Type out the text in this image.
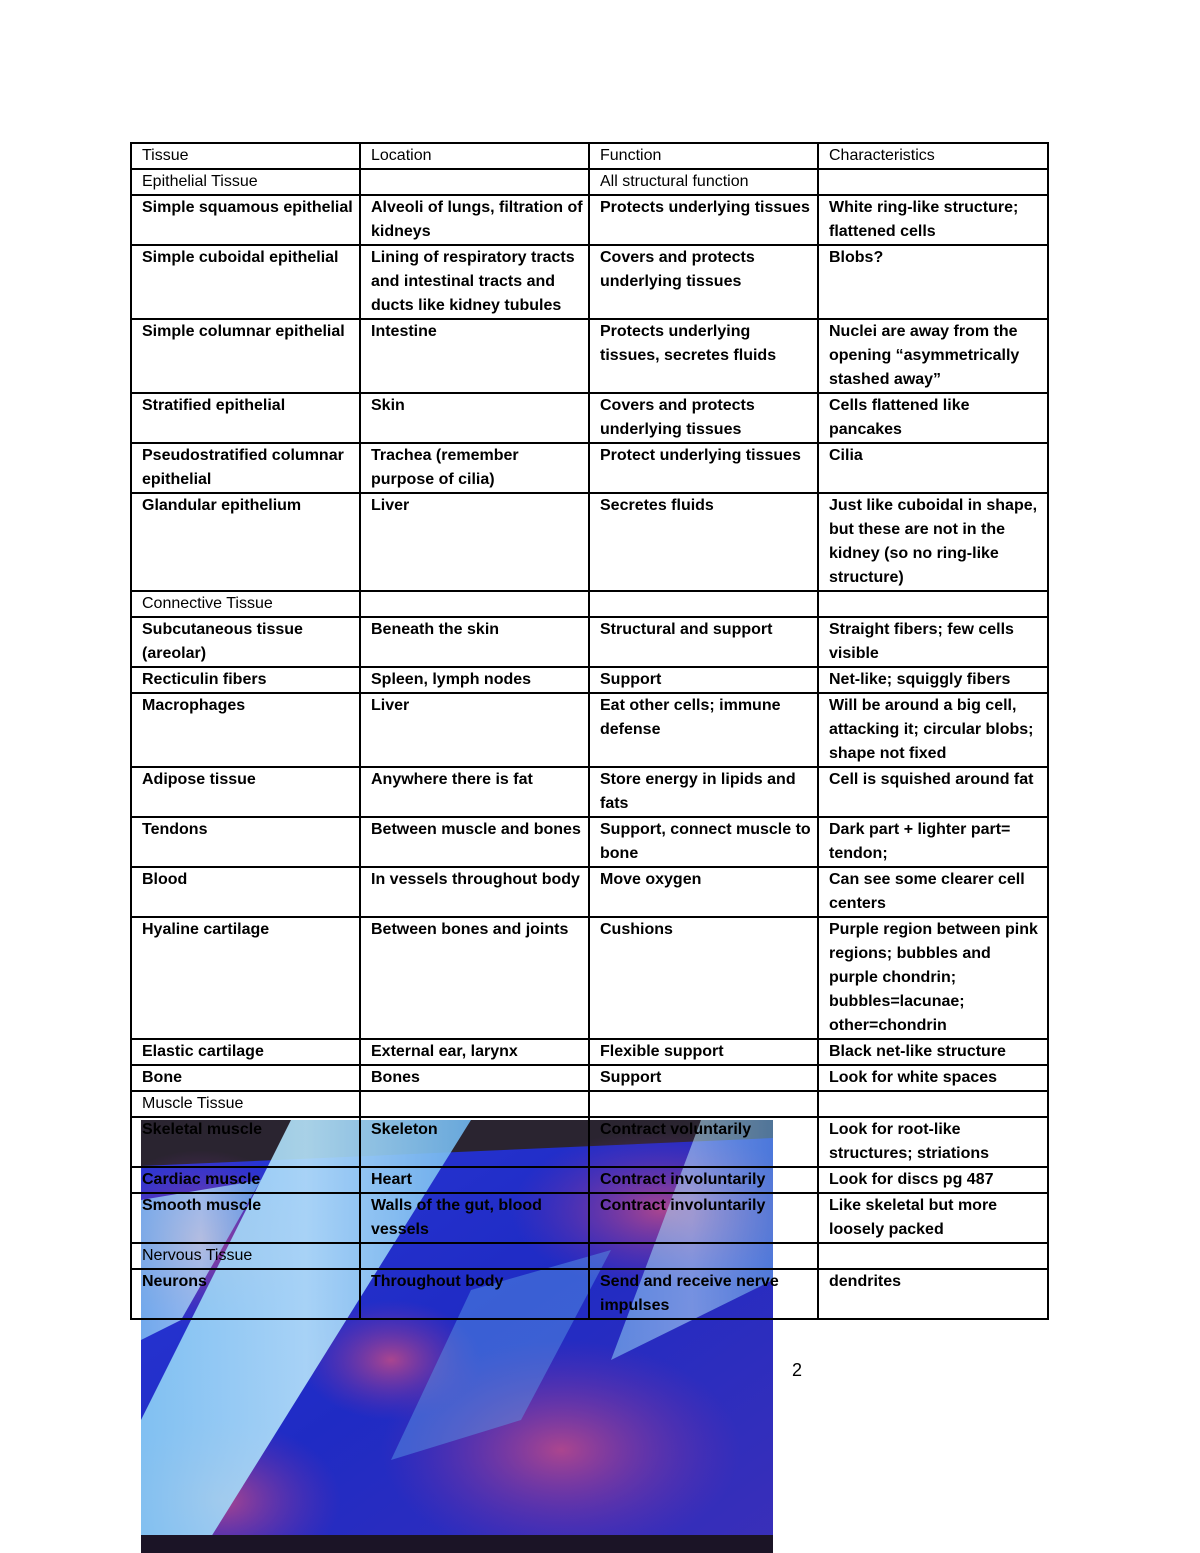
Tissue	Location	Function	Characteristics
Epithelial Tissue		All structural function	
Simple squamous epithelial	Alveoli of lungs, filtration of kidneys	Protects underlying tissues	White ring-like structure; flattened cells
Simple cuboidal epithelial	Lining of respiratory tracts and intestinal tracts and ducts like kidney tubules	Covers and protects underlying tissues	Blobs?
Simple columnar epithelial	Intestine	Protects underlying tissues, secretes fluids	Nuclei are away from the opening “asymmetrically stashed away”
Stratified epithelial	Skin	Covers and protects underlying tissues	Cells flattened like pancakes
Pseudostratified columnar epithelial	Trachea (remember purpose of cilia)	Protect underlying tissues	Cilia
Glandular epithelium	Liver	Secretes fluids	Just like cuboidal in shape, but these are not in the kidney (so no ring-like structure)
Connective Tissue			
Subcutaneous tissue (areolar)	Beneath the skin	Structural and support	Straight fibers; few cells visible
Recticulin fibers	Spleen, lymph nodes	Support	Net-like; squiggly fibers
Macrophages	Liver	Eat other cells; immune defense	Will be around a big cell, attacking it; circular blobs; shape not fixed
Adipose tissue	Anywhere there is fat	Store energy in lipids and fats	Cell is squished around fat
Tendons	Between muscle and bones	Support, connect muscle to bone	Dark part + lighter part= tendon;
Blood	In vessels throughout body	Move oxygen	Can see some clearer cell centers
Hyaline cartilage	Between bones and joints	Cushions	Purple region between pink regions; bubbles and purple chondrin; bubbles=lacunae; other=chondrin
Elastic cartilage	External ear, larynx	Flexible support	Black net-like structure
Bone	Bones	Support	Look for white spaces
Muscle Tissue			
Skeletal muscle	Skeleton	Contract voluntarily	Look for root-like structures; striations
Cardiac muscle	Heart	Contract involuntarily	Look for discs pg 487
Smooth muscle	Walls of the gut, blood vessels	Contract involuntarily	Like skeletal but more loosely packed
Nervous Tissue			
Neurons	Throughout body	Send and receive nerve impulses	dendrites
2
